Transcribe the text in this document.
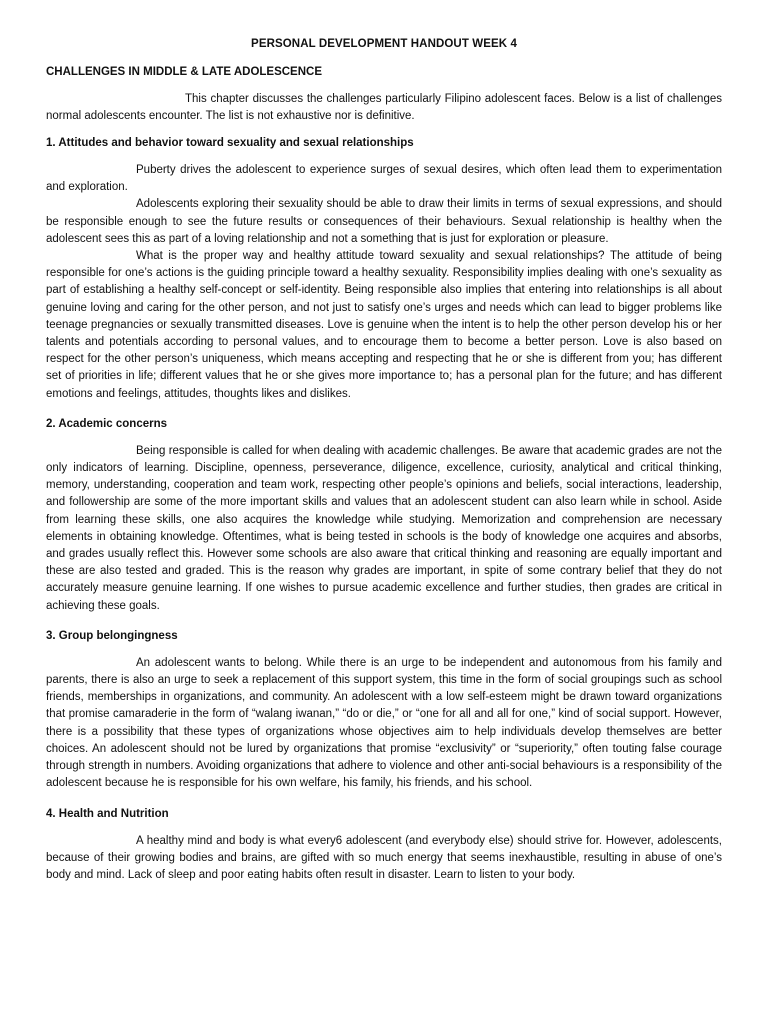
PERSONAL DEVELOPMENT HANDOUT WEEK 4
CHALLENGES IN MIDDLE & LATE ADOLESCENCE

This chapter discusses the challenges particularly Filipino adolescent faces. Below is a list of challenges normal adolescents encounter. The list is not exhaustive nor is definitive.

1. Attitudes and behavior toward sexuality and sexual relationships

Puberty drives the adolescent to experience surges of sexual desires, which often lead them to experimentation and exploration.

Adolescents exploring their sexuality should be able to draw their limits in terms of sexual expressions, and should be responsible enough to see the future results or consequences of their behaviours. Sexual relationship is healthy when the adolescent sees this as part of a loving relationship and not a something that is just for exploration or pleasure.

What is the proper way and healthy attitude toward sexuality and sexual relationships? The attitude of being responsible for one’s actions is the guiding principle toward a healthy sexuality. Responsibility implies dealing with one’s sexuality as part of establishing a healthy self-concept or self-identity. Being responsible also implies that entering into relationships is all about genuine loving and caring for the other person, and not just to satisfy one’s urges and needs which can lead to bigger problems like teenage pregnancies or sexually transmitted diseases. Love is genuine when the intent is to help the other person develop his or her talents and potentials according to personal values, and to encourage them to become a better person. Love is also based on respect for the other person’s uniqueness, which means accepting and respecting that he or she is different from you; has different set of priorities in life; different values that he or she gives more importance to; has a personal plan for the future; and has different emotions and feelings, attitudes, thoughts likes and dislikes.

2. Academic concerns

Being responsible is called for when dealing with academic challenges. Be aware that academic grades are not the only indicators of learning. Discipline, openness, perseverance, diligence, excellence, curiosity, analytical and critical thinking, memory, understanding, cooperation and team work, respecting other people’s opinions and beliefs, social interactions, leadership, and followership are some of the more important skills and values that an adolescent student can also learn while in school. Aside from learning these skills, one also acquires the knowledge while studying. Memorization and comprehension are necessary elements in obtaining knowledge. Oftentimes, what is being tested in schools is the body of knowledge one acquires and absorbs, and grades usually reflect this. However some schools are also aware that critical thinking and reasoning are equally important and these are also tested and graded. This is the reason why grades are important, in spite of some contrary belief that they do not accurately measure genuine learning. If one wishes to pursue academic excellence and further studies, then grades are critical in achieving these goals.

3. Group belongingness

An adolescent wants to belong. While there is an urge to be independent and autonomous from his family and parents, there is also an urge to seek a replacement of this support system, this time in the form of social groupings such as school friends, memberships in organizations, and community. An adolescent with a low self-esteem might be drawn toward organizations that promise camaraderie in the form of “walang iwanan,” “do or die,” or “one for all and all for one,” kind of social support. However, there is a possibility that these types of organizations whose objectives aim to help individuals develop themselves are better choices. An adolescent should not be lured by organizations that promise “exclusivity” or “superiority,” often touting false courage through strength in numbers. Avoiding organizations that adhere to violence and other anti-social behaviours is a responsibility of the adolescent because he is responsible for his own welfare, his family, his friends, and his school.

4. Health and Nutrition

A healthy mind and body is what every6 adolescent (and everybody else) should strive for. However, adolescents, because of their growing bodies and brains, are gifted with so much energy that seems inexhaustible, resulting in abuse of one’s body and mind. Lack of sleep and poor eating habits often result in disaster. Learn to listen to your body.
